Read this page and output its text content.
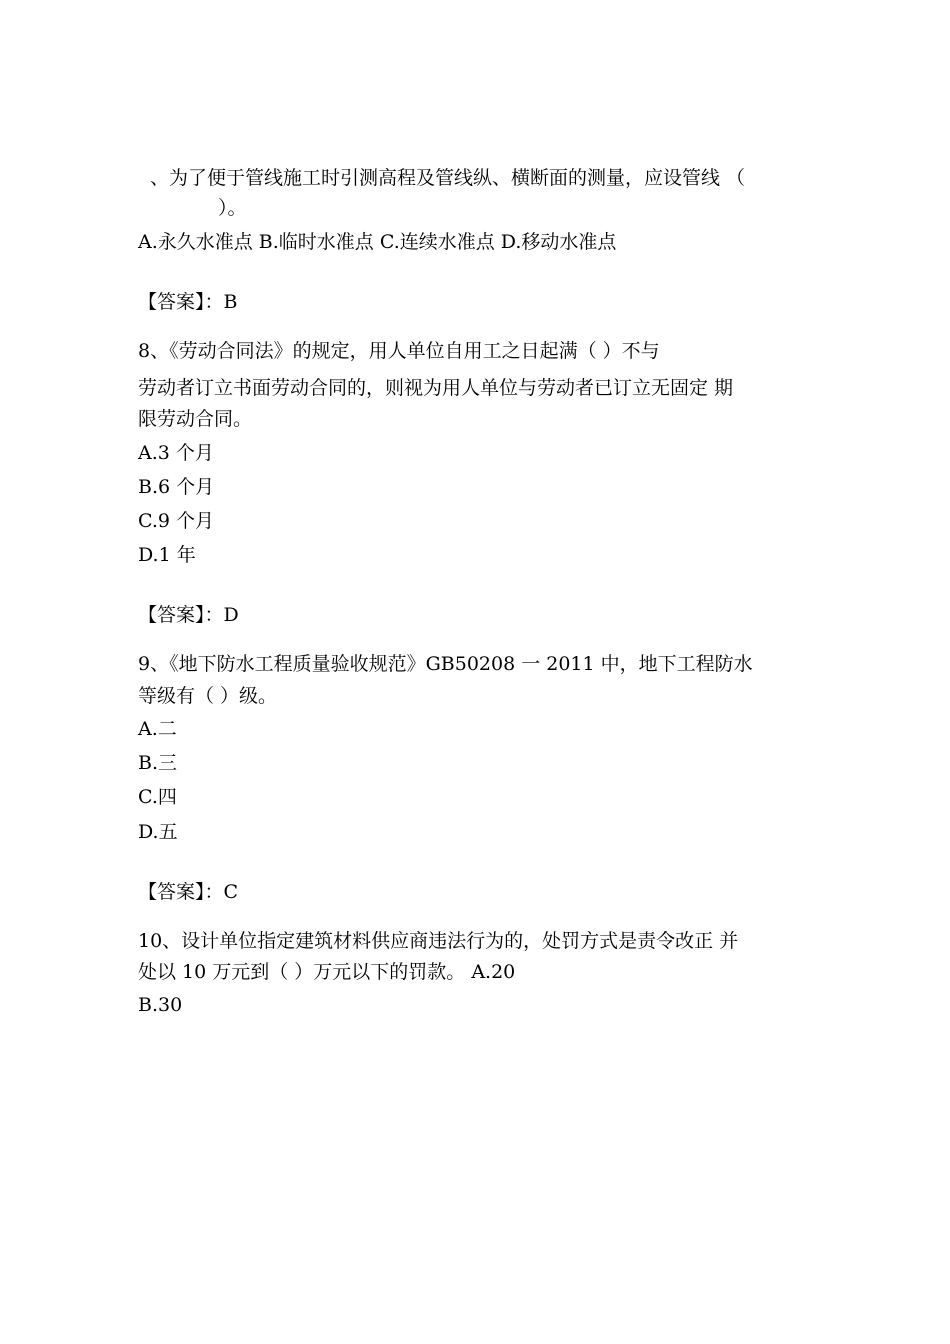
、为了便于管线施工时引测高程及管线纵、横断面的测量，应设管线 （
）。
A.永久水准点 B.临时水准点 C.连续水准点 D.移动水准点
【答案】：B
8、《劳动合同法》的规定，用人单位自用工之日起满（ ）不与
劳动者订立书面劳动合同的，则视为用人单位与劳动者已订立无固定 期
限劳动合同。
A.3 个月
B.6 个月
C.9 个月
D.1 年
【答案】：D
9、《地下防水工程质量验收规范》GB50208 一 2011 中，地下工程防水
等级有（ ）级。
A.二
B.三
C.四
D.五
【答案】：C
10、设计单位指定建筑材料供应商违法行为的，处罚方式是责令改正 并
处以 10 万元到（ ）万元以下的罚款。 A.20
B.30
